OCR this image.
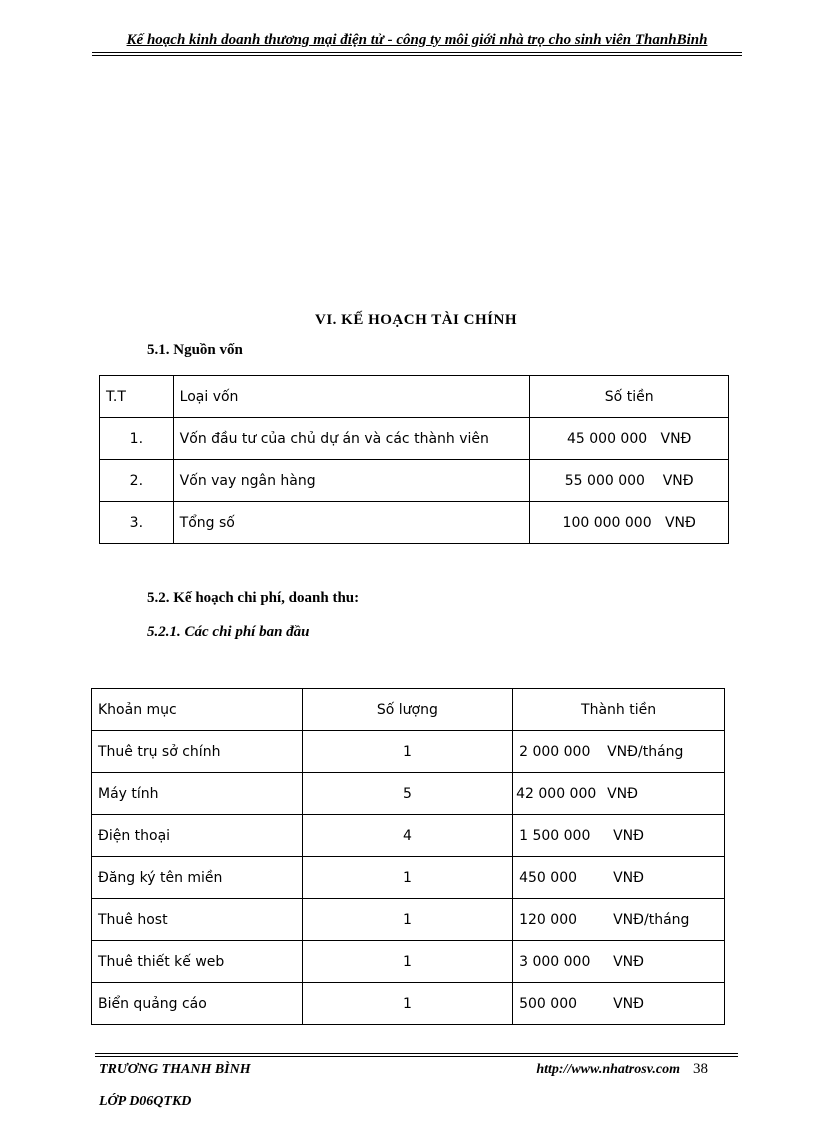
Kế hoạch kinh doanh thương mại điện tử - công ty môi giới nhà trọ cho sinh viên ThanhBinh
VI. KẾ HOẠCH TÀI CHÍNH
5.1. Nguồn vốn
T.T	Loại vốn	Số tiền
1.	Vốn đầu tư của chủ dự án và các thành viên	45 000 000   VNĐ
2.	Vốn vay ngân hàng	55 000 000    VNĐ
3.	Tổng số	100 000 000   VNĐ
5.2. Kế hoạch chi phí, doanh thu:
5.2.1. Các chi phí ban đầu
Khoản mục	Số lượng	Thành tiền
Thuê trụ sở chính	1	2 000 000 VNĐ/tháng
Máy tính	5	42 000 000 VNĐ
Điện thoại	4	1 500 000 VNĐ
Đăng ký tên miền	1	450 000 VNĐ
Thuê host	1	120 000 VNĐ/tháng
Thuê thiết kế web	1	3 000 000 VNĐ
Biển quảng cáo	1	500 000 VNĐ
TRƯƠNG THANH BÌNH	http://www.nhatrosv.com 38
LỚP D06QTKD
